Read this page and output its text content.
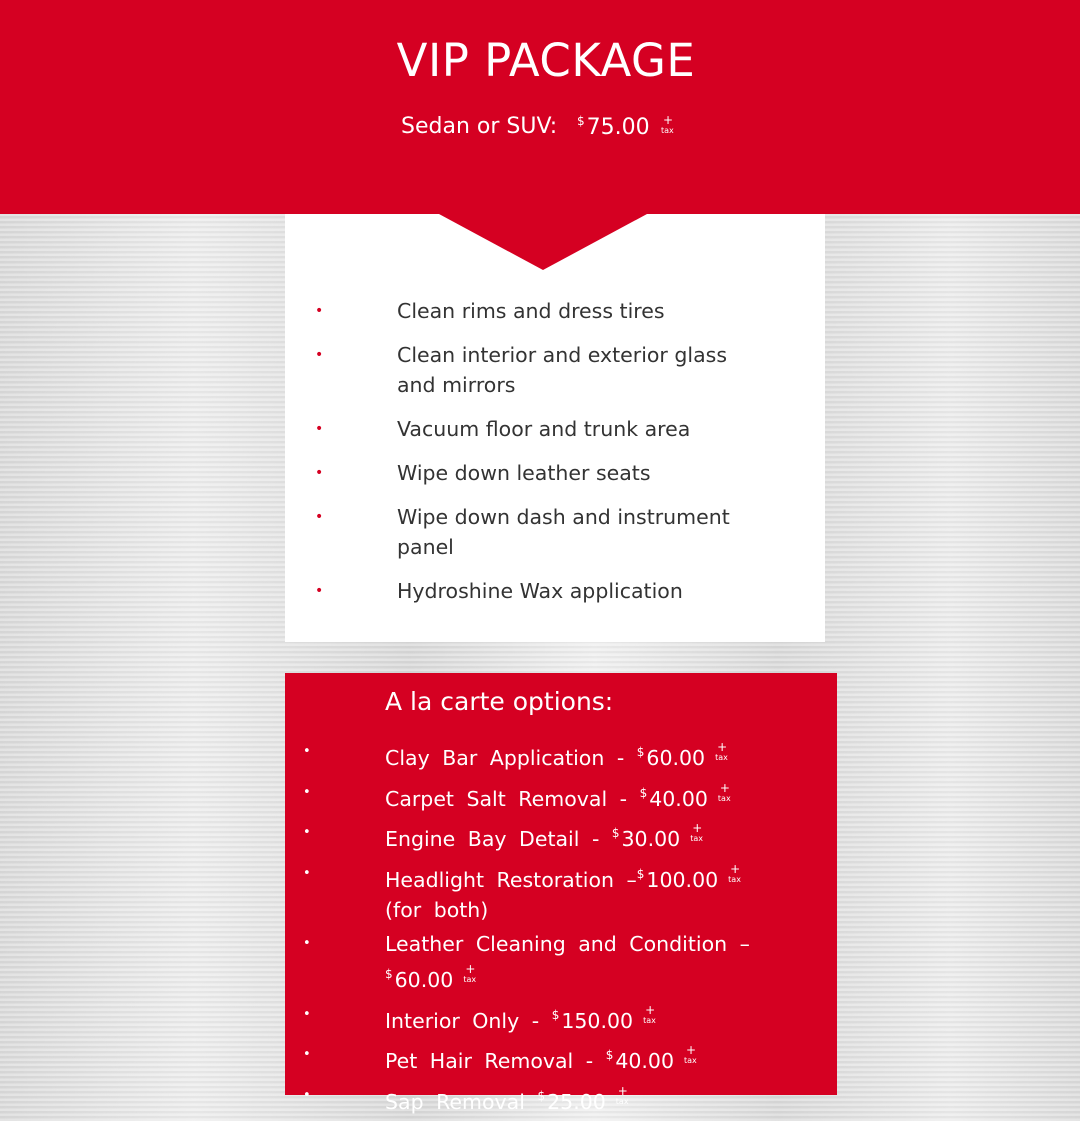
VIP PACKAGE
Sedan or SUV: $75.00 +
tax
•	Clean rims and dress tires
•	Clean interior and exterior glass and mirrors
•	Vacuum floor and trunk area
•	Wipe down leather seats
•	Wipe down dash and instrument panel
•	Hydroshine Wax application
A la carte options:
•	Clay Bar Application - $60.00 +
tax
•	Carpet Salt Removal - $40.00 +
tax
•	Engine Bay Detail - $30.00 +
tax
•	Headlight Restoration –$100.00 +
tax

(for both)
•	Leather Cleaning and Condition – $60.00 +
tax
•	Interior Only - $150.00 +
tax
•	Pet Hair Removal - $40.00 +
tax
•	Sap Removal $25.00 +
tax
